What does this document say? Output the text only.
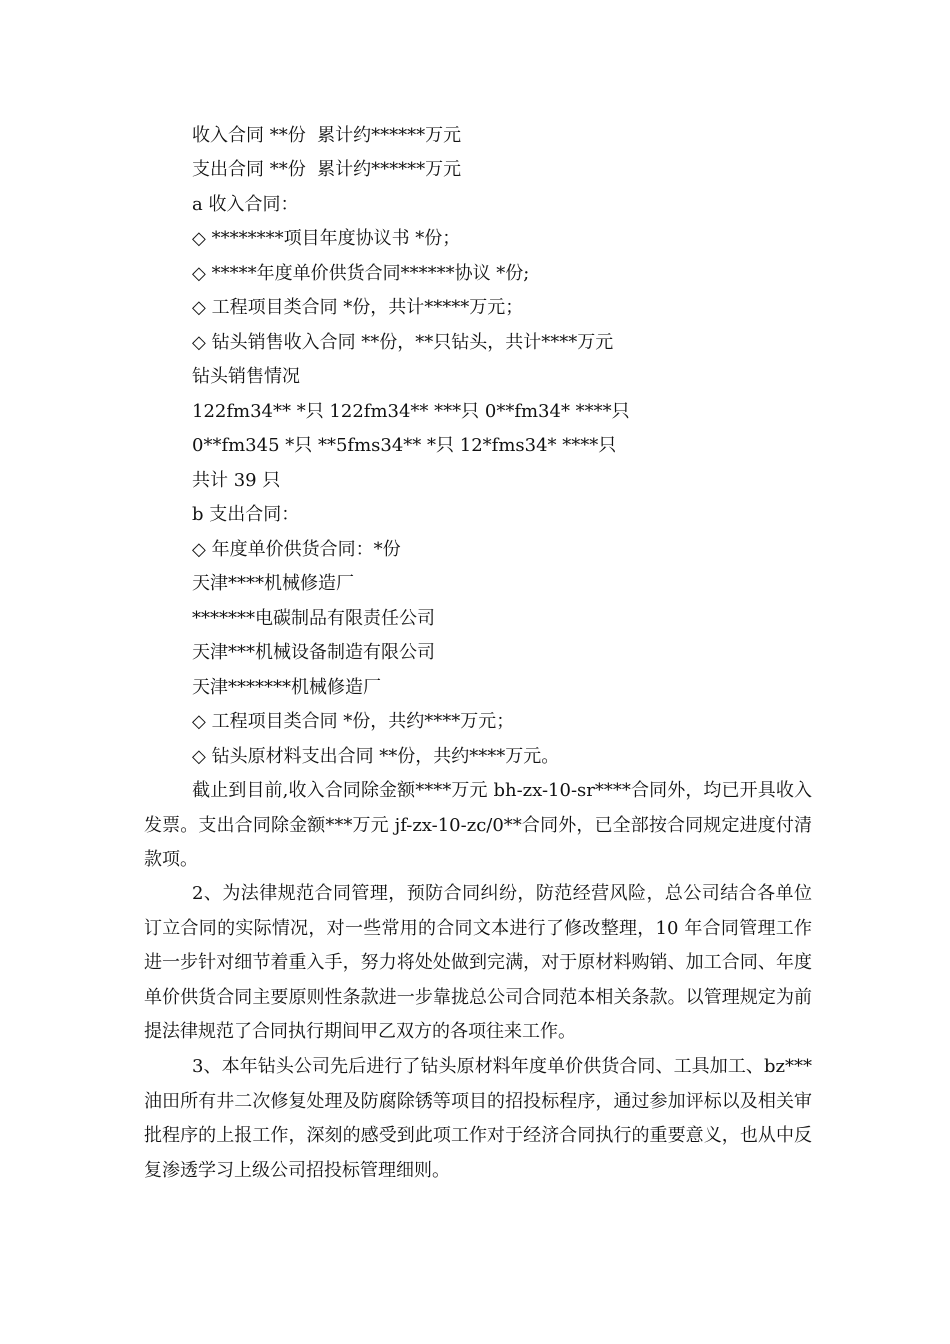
收入合同 **份  累计约******万元
支出合同 **份  累计约******万元
a 收入合同：
◇ ********项目年度协议书 *份；
◇ *****年度单价供货合同******协议 *份;
◇ 工程项目类合同 *份，共计*****万元；
◇ 钻头销售收入合同 **份，**只钻头，共计****万元
钻头销售情况
122fm34** *只 122fm34** ***只 0**fm34* ****只
0**fm345 *只 **5fms34** *只 12*fms34* ****只
共计 39 只
b 支出合同：
◇ 年度单价供货合同：*份
天津****机械修造厂
*******电碳制品有限责任公司
天津***机械设备制造有限公司
天津*******机械修造厂
◇ 工程项目类合同 *份，共约****万元；
◇ 钻头原材料支出合同 **份，共约****万元。
截止到目前,收入合同除金额****万元 bh-zx-10-sr****合同外，均已开具收入发票。支出合同除金额***万元 jf-zx-10-zc/0**合同外，已全部按合同规定进度付清款项。
2、为法律规范合同管理，预防合同纠纷，防范经营风险，总公司结合各单位订立合同的实际情况，对一些常用的合同文本进行了修改整理，10 年合同管理工作进一步针对细节着重入手，努力将处处做到完满，对于原材料购销、加工合同、年度单价供货合同主要原则性条款进一步靠拢总公司合同范本相关条款。以管理规定为前提法律规范了合同执行期间甲乙双方的各项往来工作。
3、本年钻头公司先后进行了钻头原材料年度单价供货合同、工具加工、bz***油田所有井二次修复处理及防腐除锈等项目的招投标程序，通过参加评标以及相关审批程序的上报工作，深刻的感受到此项工作对于经济合同执行的重要意义，也从中反复渗透学习上级公司招投标管理细则。
